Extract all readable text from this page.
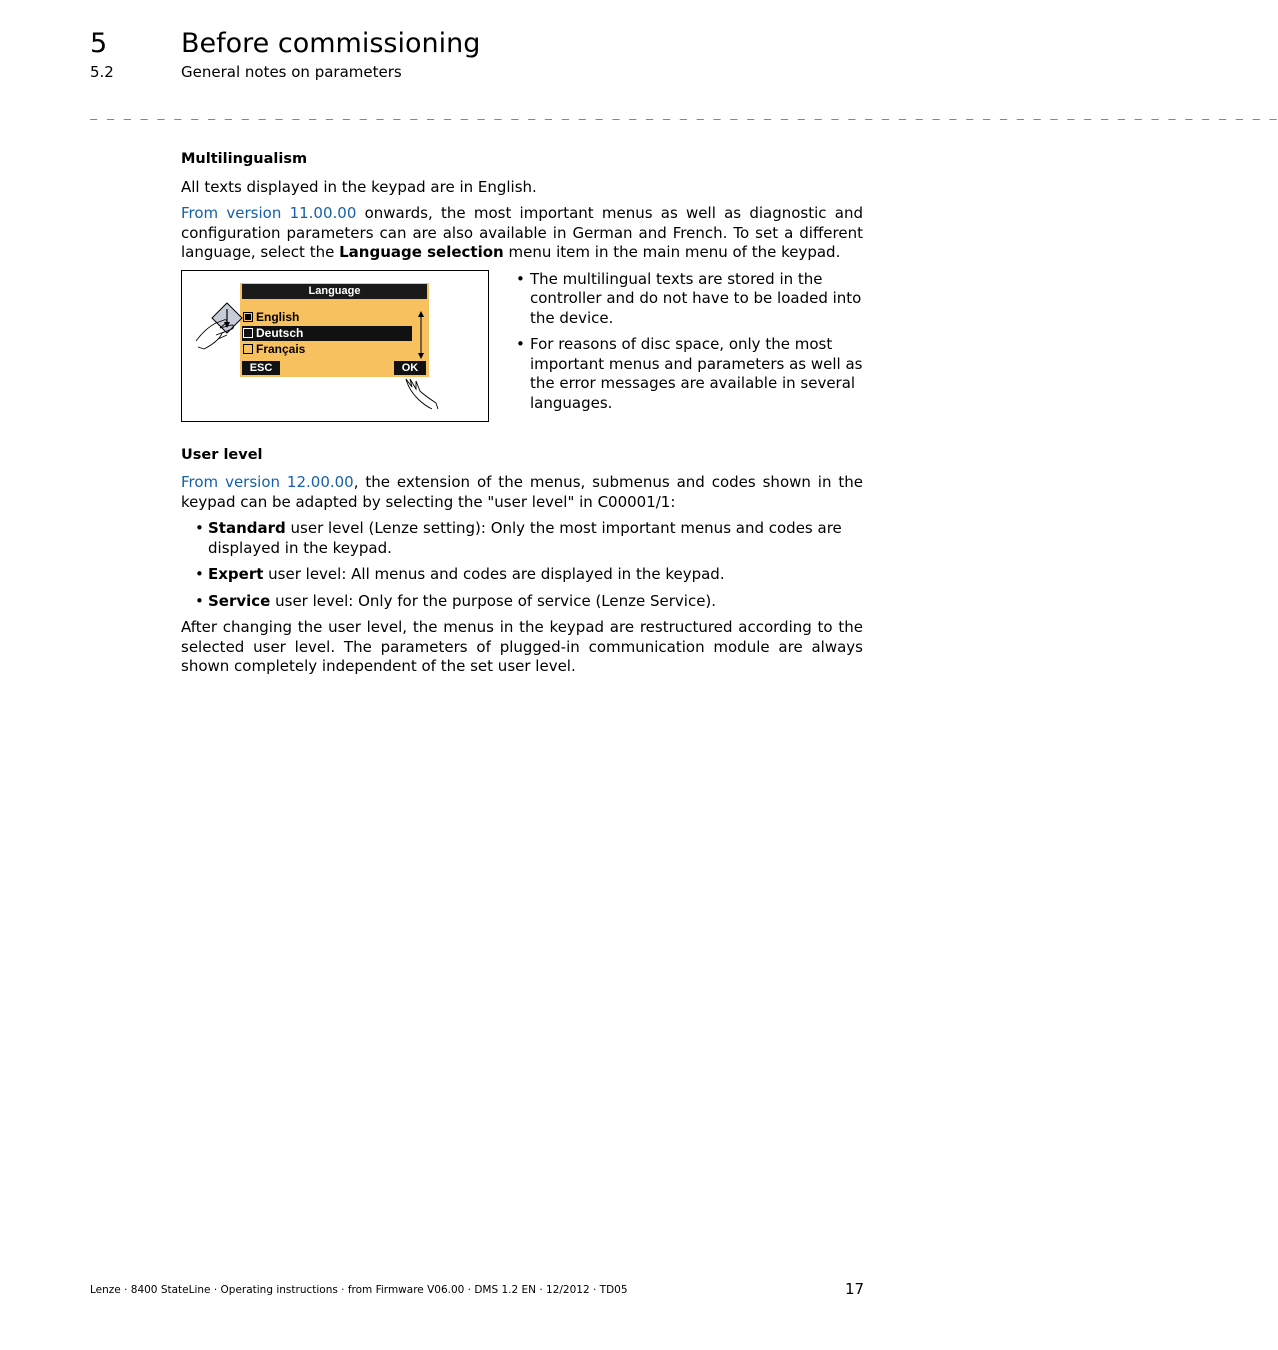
5	Before commissioning
5.2	General notes on parameters
_ _ _ _ _ _ _ _ _ _ _ _ _ _ _ _ _ _ _ _ _ _ _ _ _ _ _ _ _ _ _ _ _ _ _ _ _ _ _ _ _ _ _ _ _ _ _ _ _ _ _ _ _ _ _ _ _ _ _ _ _ _ _ _ _ _ _ _ _ _ _
Multilingualism

All texts displayed in the keypad are in English.

From version 11.00.00 onwards, the most important menus as well as diagnostic and configuration parameters can are also available in German and French. To set a different language, select the Language selection menu item in the main menu of the keypad.

Language
English
Deutsch
Français
ESC	OK
• The multilingual texts are stored in the controller and do not have to be loaded into the device.
• For reasons of disc space, only the most important menus and parameters as well as the error messages are available in several languages.
User level

From version 12.00.00, the extension of the menus, submenus and codes shown in the keypad can be adapted by selecting the "user level" in C00001/1:

• Standard user level (Lenze setting): Only the most important menus and codes are displayed in the keypad.
• Expert user level: All menus and codes are displayed in the keypad.
• Service user level: Only for the purpose of service (Lenze Service).

After changing the user level, the menus in the keypad are restructured according to the selected user level. The parameters of plugged-in communication module are always shown completely independent of the set user level.

Lenze · 8400 StateLine · Operating instructions · from Firmware V06.00 · DMS 1.2 EN · 12/2012 · TD05	17
